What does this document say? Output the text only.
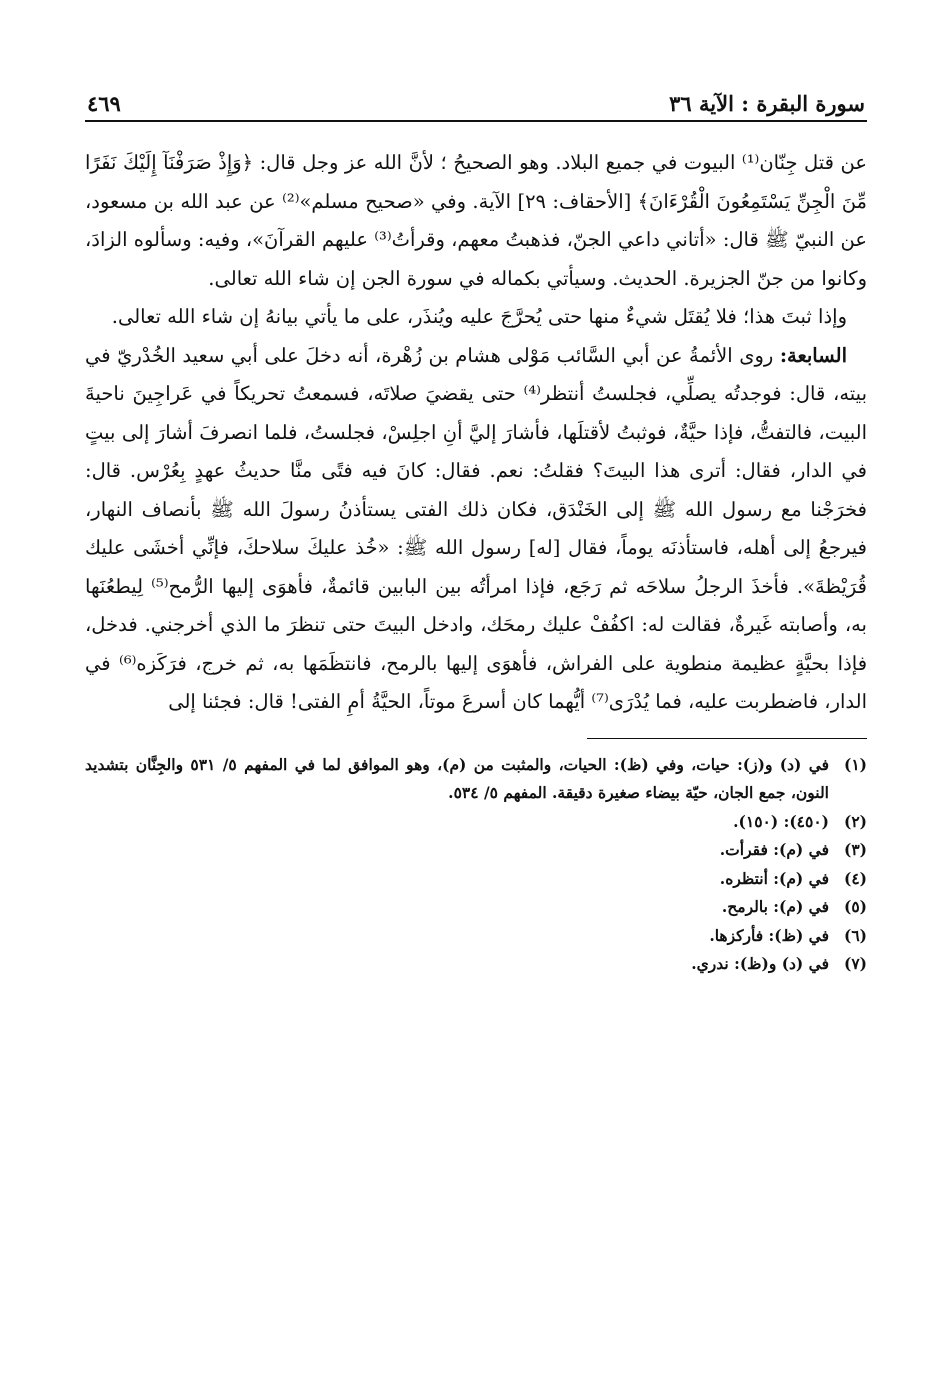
سورة البقرة : الآية ٣٦
٤٦٩

عن قتل جِنّان⁽¹⁾ البيوت في جميع البلاد. وهو الصحيحُ ؛ لأنَّ الله عز وجل قال: ﴿وَإِذْ صَرَفْنَآ إِلَيْكَ نَفَرًا مِّنَ الْجِنِّ يَسْتَمِعُونَ الْقُرْءَانَ﴾ [الأحقاف: ٢٩] الآية. وفي «صحيح مسلم»⁽²⁾ عن عبد الله بن مسعود، عن النبيّ ﷺ قال: «أتاني داعي الجنّ، فذهبتُ معهم، وقرأتُ⁽³⁾ عليهم القرآنَ»، وفيه: وسألوه الزادَ، وكانوا من جنّ الجزيرة. الحديث. وسيأتي بكماله في سورة الجن إن شاء الله تعالى.

وإذا ثبتَ هذا؛ فلا يُقتَل شيءٌ منها حتى يُحرَّجَ عليه ويُنذَر، على ما يأتي بيانهُ إن شاء الله تعالى.

السابعة: روى الأئمةُ عن أبي السَّائب مَوْلى هشام بن زُهْرة، أنه دخلَ على أبي سعيد الخُدْريّ في بيته، قال: فوجدتُه يصلِّي، فجلستُ أنتظر⁽⁴⁾ حتى يقضيَ صلاتَه، فسمعتُ تحريكاً في عَراجِينَ ناحيةَ البيت، فالتفتُّ، فإذا حيَّةٌ، فوثبتُ لأقتلَها، فأشارَ إليَّ أنِ اجلِسْ، فجلستُ، فلما انصرفَ أشارَ إلى بيتٍ في الدار، فقال: أترى هذا البيتَ؟ فقلتُ: نعم. فقال: كانَ فيه فتًى منَّا حديثُ عهدٍ بِعُرْس. قال: فخرَجْنا مع رسول الله ﷺ إلى الخَنْدَق، فكان ذلك الفتى يستأذنُ رسولَ الله ﷺ بأنصاف النهار، فيرجعُ إلى أهله، فاستأذنَه يوماً، فقال [له] رسول الله ﷺ: «خُذ عليكَ سلاحكَ، فإنِّي أخشَى عليك قُرَيْظةَ». فأخذَ الرجلُ سلاحَه ثم رَجَع، فإذا امرأتُه بين البابين قائمةٌ، فأهوَى إليها الرُّمح⁽⁵⁾ لِيطعُنَها به، وأصابته غَيرةٌ، فقالت له: اكفُفْ عليك رمحَك، وادخل البيتَ حتى تنظرَ ما الذي أخرجني. فدخل، فإذا بحيَّةٍ عظيمة منطوية على الفراش، فأهوَى إليها بالرمح، فانتظَمَها به، ثم خرج، فرَكَزه⁽⁶⁾ في الدار، فاضطربت عليه، فما يُدْرَى⁽⁷⁾ أيُّهما كان أسرعَ موتاً، الحيَّةُ أمِ الفتى! قال: فجئنا إلى

(١)
في (د) و(ز): حيات، وفي (ظ): الحيات، والمثبت من (م)، وهو الموافق لما في المفهم ٥/ ٥٣١ والجِنَّان بتشديد النون، جمع الجان، حيّة بيضاء صغيرة دقيقة. المفهم ٥/ ٥٣٤.
(٢)
(٤٥٠): (١٥٠).
(٣)
في (م): فقرأت.
(٤)
في (م): أنتظره.
(٥)
في (م): بالرمح.
(٦)
في (ظ): فأركزها.
(٧)
في (د) و(ظ): ندري.
